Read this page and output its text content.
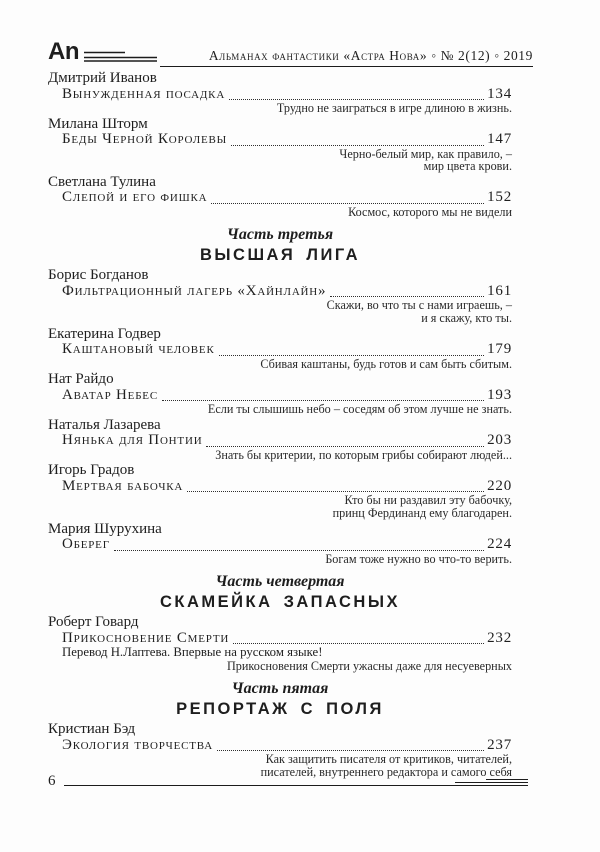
An	Альманах фантастики «Астра Нова» ◦ № 2(12) ◦ 2019
Дмитрий Иванов
Вынужденная посадка	134
Трудно не заиграться в игре длиною в жизнь.
Милана Шторм
Беды Черной Королевы	147
Черно-белый мир, как правило, –
мир цвета крови.
Светлана Тулина
Слепой и его фишка	152
Космос, которого мы не видели
Часть третья
ВЫСШАЯ ЛИГА
Борис Богданов
Фильтрационный лагерь «Хайнлайн»	161
Скажи, во что ты с нами играешь, –
и я скажу, кто ты.
Екатерина Годвер
Каштановый человек	179
Сбивая каштаны, будь готов и сам быть сбитым.
Нат Райдо
Аватар Небес	193
Если ты слышишь небо – соседям об этом лучше не знать.
Наталья Лазарева
Нянька для Понтии	203
Знать бы критерии, по которым грибы собирают людей...
Игорь Градов
Мертвая бабочка	220
Кто бы ни раздавил эту бабочку,
принц Фердинанд ему благодарен.
Мария Шурухина
Оберег	224
Богам тоже нужно во что-то верить.
Часть четвертая
СКАМЕЙКА ЗАПАСНЫХ
Роберт Говард
Прикосновение Смерти	232
Перевод Н.Лаптева. Впервые на русском языке!
Прикосновения Смерти ужасны даже для несуеверных
Часть пятая
РЕПОРТАЖ С ПОЛЯ
Кристиан Бэд
Экология творчества	237
Как защитить писателя от критиков, читателей,
писателей, внутреннего редактора и самого себя
6
